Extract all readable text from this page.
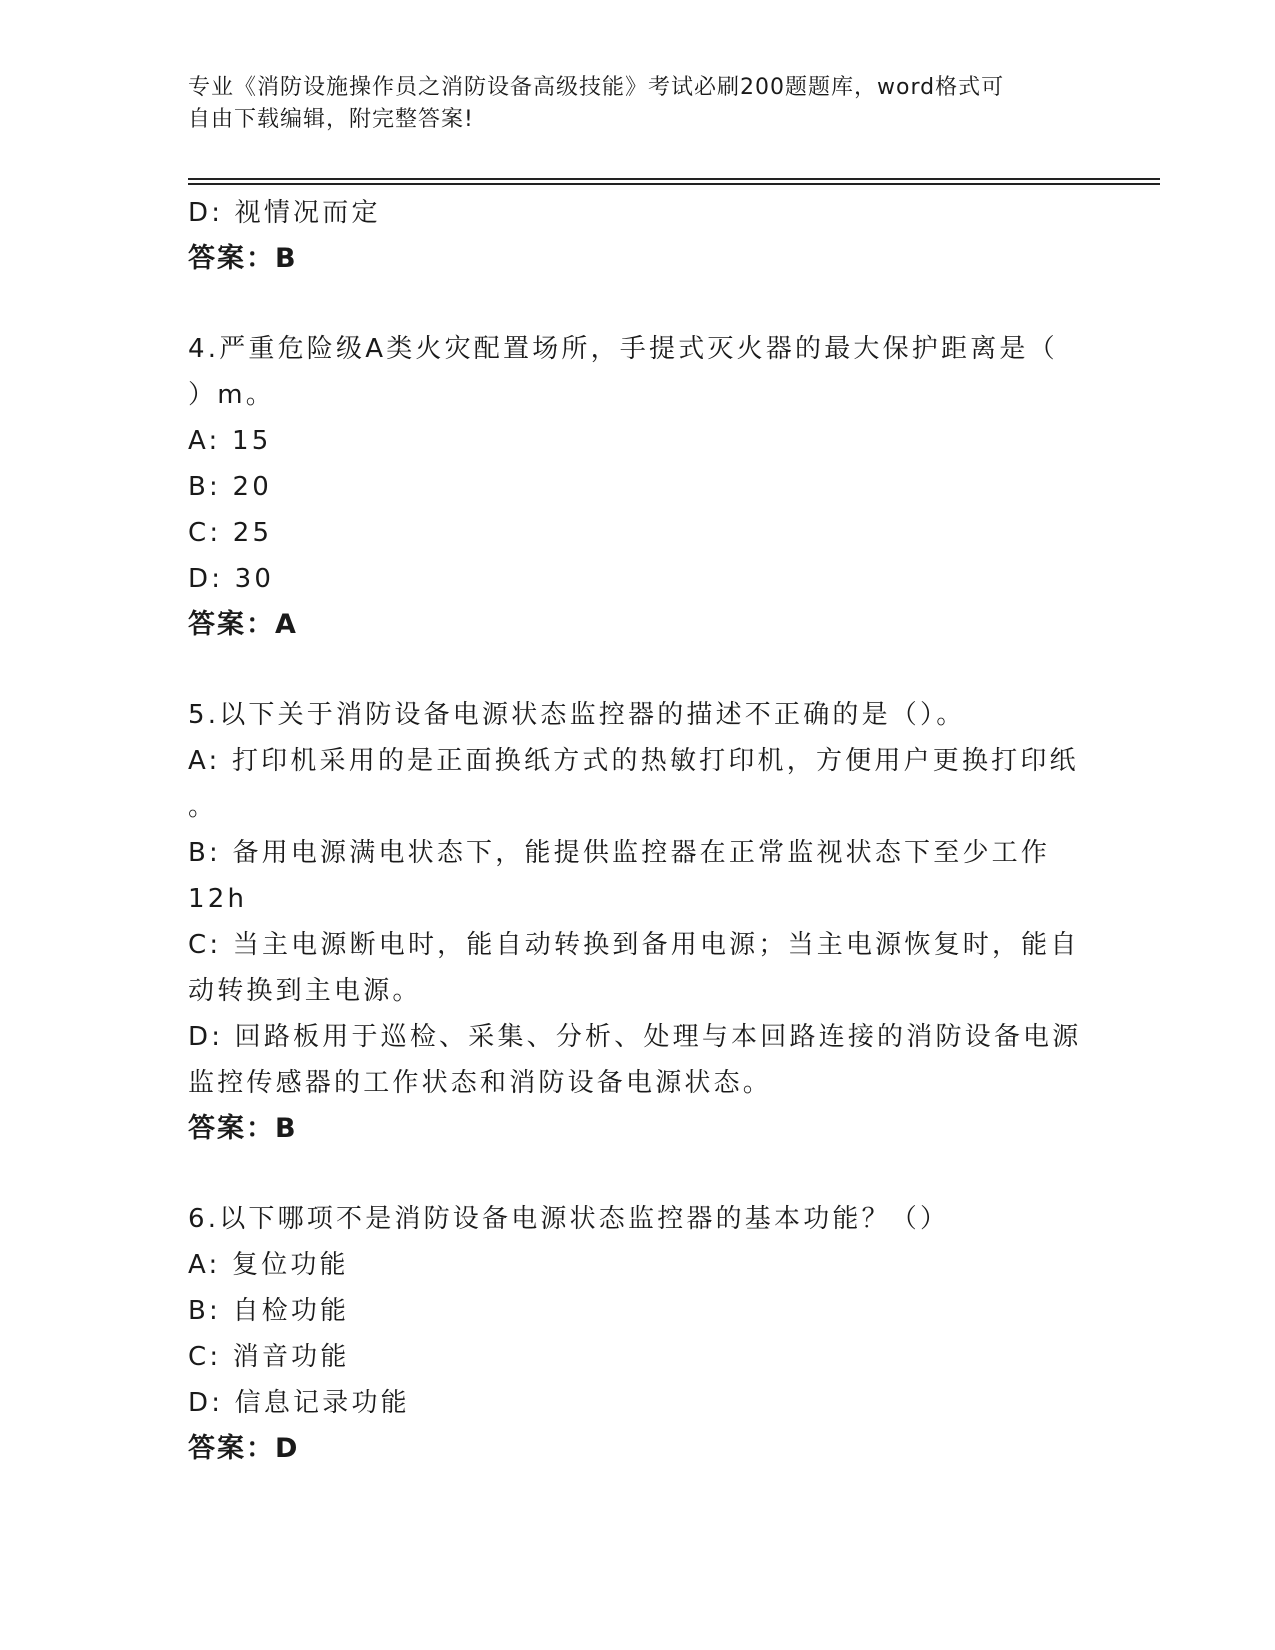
专业《消防设施操作员之消防设备高级技能》考试必刷200题题库，word格式可
自由下载编辑，附完整答案!
D: 视情况而定
答案：B
4.严重危险级A类火灾配置场所，手提式灭火器的最大保护距离是（
）m。
A: 15
B: 20
C: 25
D: 30
答案：A
5.以下关于消防设备电源状态监控器的描述不正确的是（）。
A: 打印机采用的是正面换纸方式的热敏打印机，方便用户更换打印纸
。
B: 备用电源满电状态下，能提供监控器在正常监视状态下至少工作
12h
C: 当主电源断电时，能自动转换到备用电源；当主电源恢复时，能自
动转换到主电源。
D: 回路板用于巡检、采集、分析、处理与本回路连接的消防设备电源
监控传感器的工作状态和消防设备电源状态。
答案：B
6.以下哪项不是消防设备电源状态监控器的基本功能？（）
A: 复位功能
B: 自检功能
C: 消音功能
D: 信息记录功能
答案：D
